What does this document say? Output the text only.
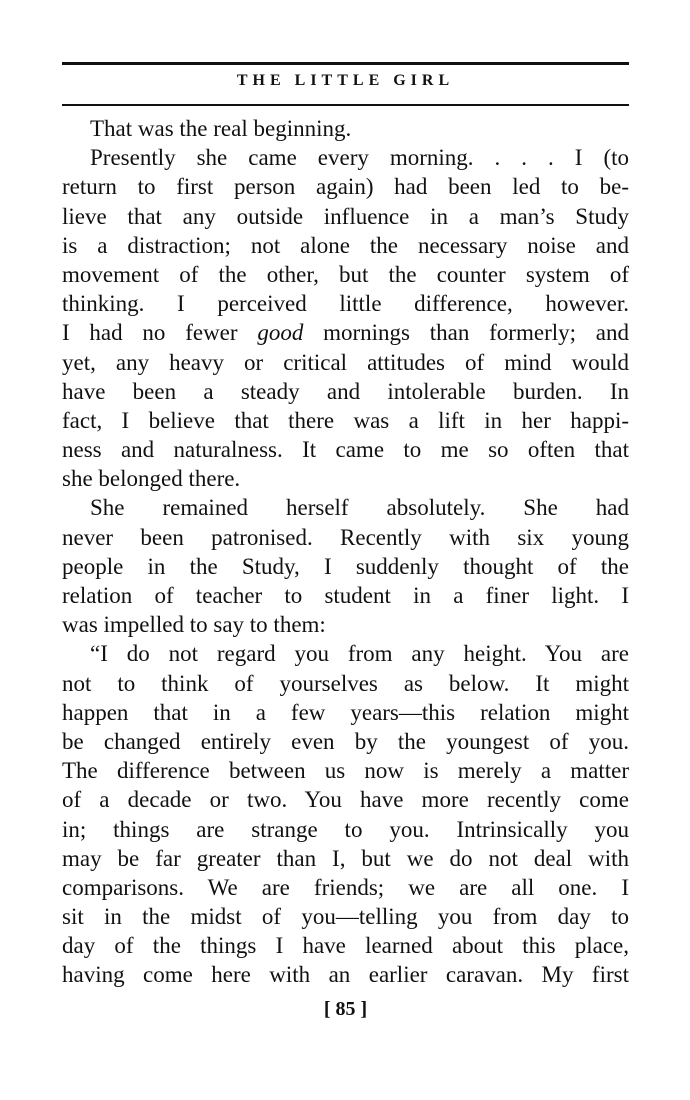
THE LITTLE GIRL
That was the real beginning.
Presently she came every morning. . . . I (to
return to first person again) had been led to be-
lieve that any outside influence in a man’s Study
is a distraction; not alone the necessary noise and
movement of the other, but the counter system of
thinking. I perceived little difference, however.
I had no fewer good mornings than formerly; and
yet, any heavy or critical attitudes of mind would
have been a steady and intolerable burden. In
fact, I believe that there was a lift in her happi-
ness and naturalness. It came to me so often that
she belonged there.
She remained herself absolutely. She had
never been patronised. Recently with six young
people in the Study, I suddenly thought of the
relation of teacher to student in a finer light. I
was impelled to say to them:
“I do not regard you from any height. You are
not to think of yourselves as below. It might
happen that in a few years—this relation might
be changed entirely even by the youngest of you.
The difference between us now is merely a matter
of a decade or two. You have more recently come
in; things are strange to you. Intrinsically you
may be far greater than I, but we do not deal with
comparisons. We are friends; we are all one. I
sit in the midst of you—telling you from day to
day of the things I have learned about this place,
having come here with an earlier caravan. My first
[ 85 ]
